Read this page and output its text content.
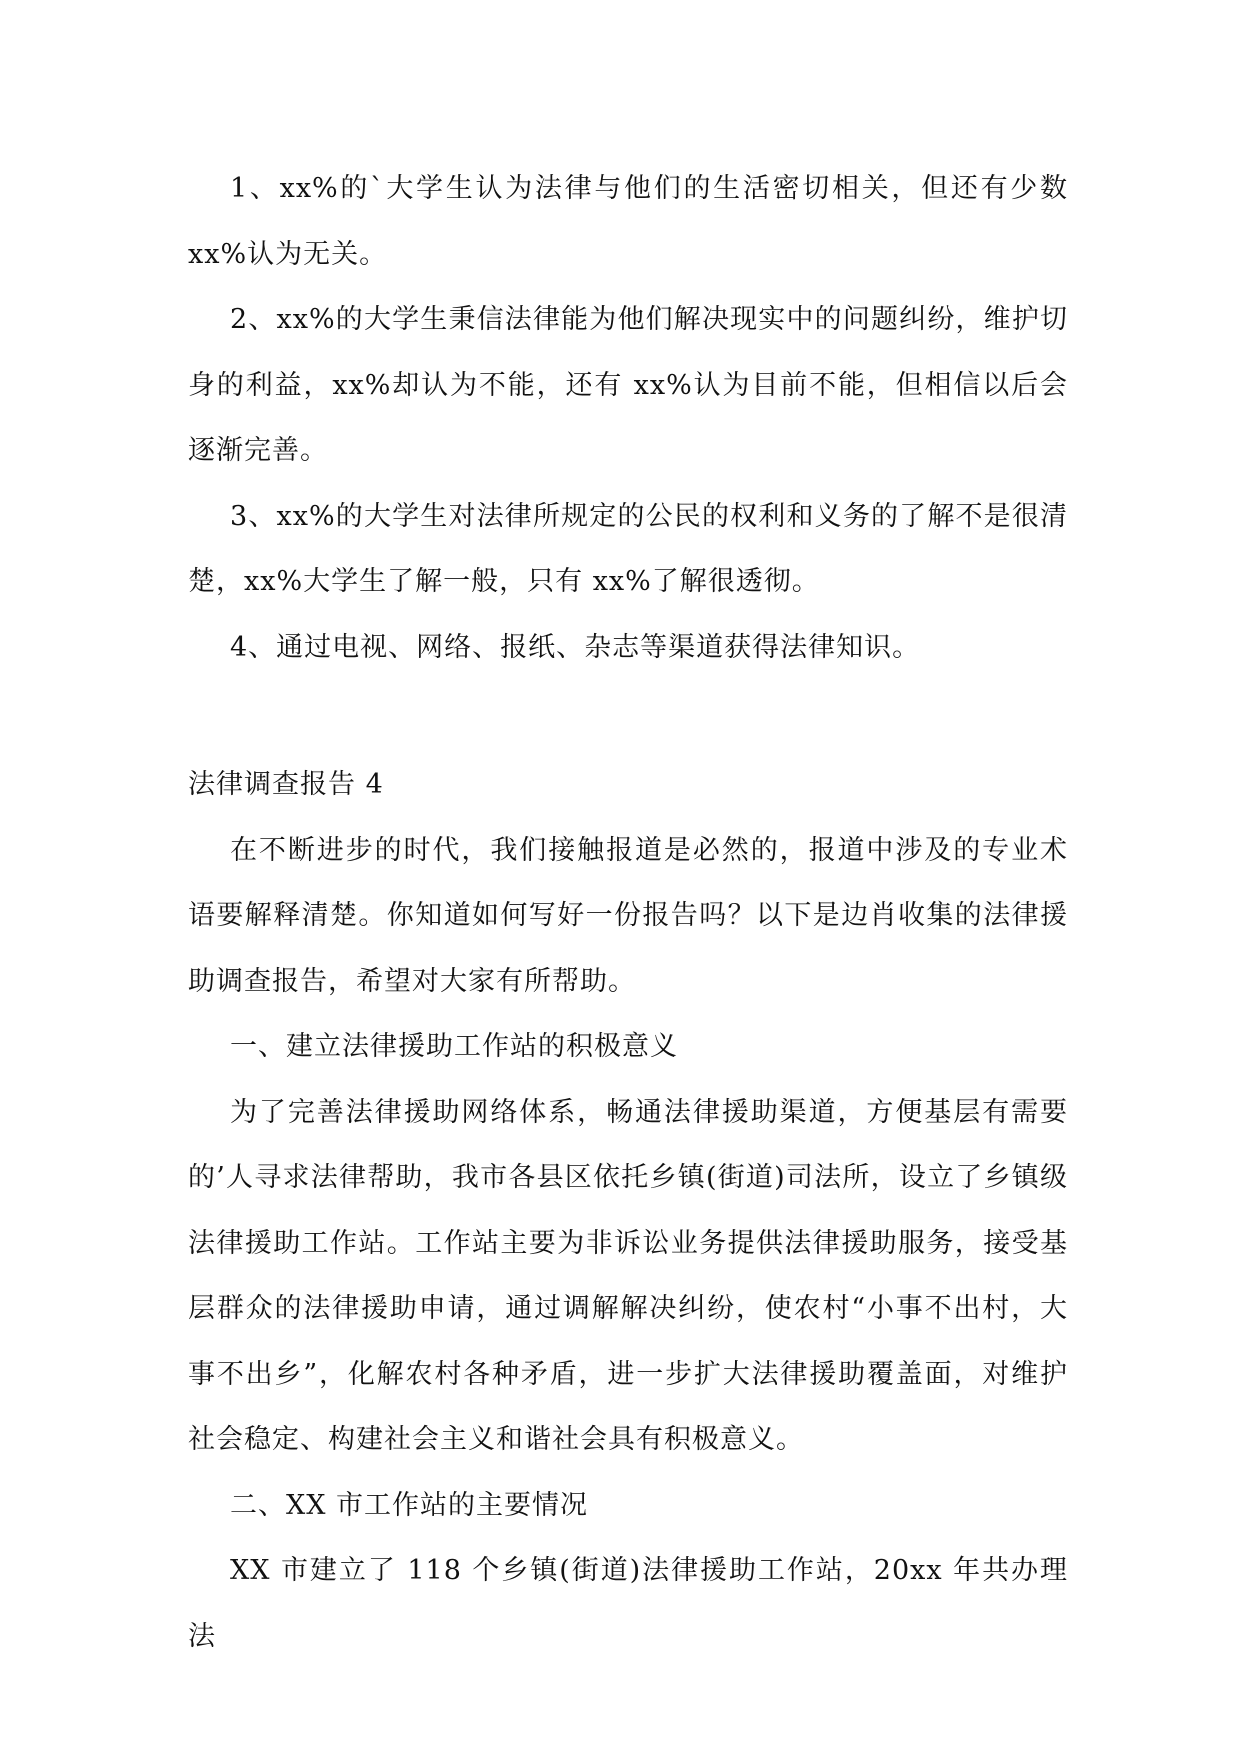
1、xx%的`大学生认为法律与他们的生活密切相关，但还有少数 xx%认为无关。

2、xx%的大学生秉信法律能为他们解决现实中的问题纠纷，维护切身的利益，xx%却认为不能，还有 xx%认为目前不能，但相信以后会逐渐完善。

3、xx%的大学生对法律所规定的公民的权利和义务的了解不是很清楚，xx%大学生了解一般，只有 xx%了解很透彻。

4、通过电视、网络、报纸、杂志等渠道获得法律知识。

法律调查报告 4

在不断进步的时代，我们接触报道是必然的，报道中涉及的专业术语要解释清楚。你知道如何写好一份报告吗？以下是边肖收集的法律援助调查报告，希望对大家有所帮助。

一、建立法律援助工作站的积极意义

为了完善法律援助网络体系，畅通法律援助渠道，方便基层有需要的’人寻求法律帮助，我市各县区依托乡镇(街道)司法所，设立了乡镇级法律援助工作站。工作站主要为非诉讼业务提供法律援助服务，接受基层群众的法律援助申请，通过调解解决纠纷，使农村“小事不出村，大事不出乡”，化解农村各种矛盾，进一步扩大法律援助覆盖面，对维护社会稳定、构建社会主义和谐社会具有积极意义。

二、XX 市工作站的主要情况

XX 市建立了 118 个乡镇(街道)法律援助工作站，20xx 年共办理法
